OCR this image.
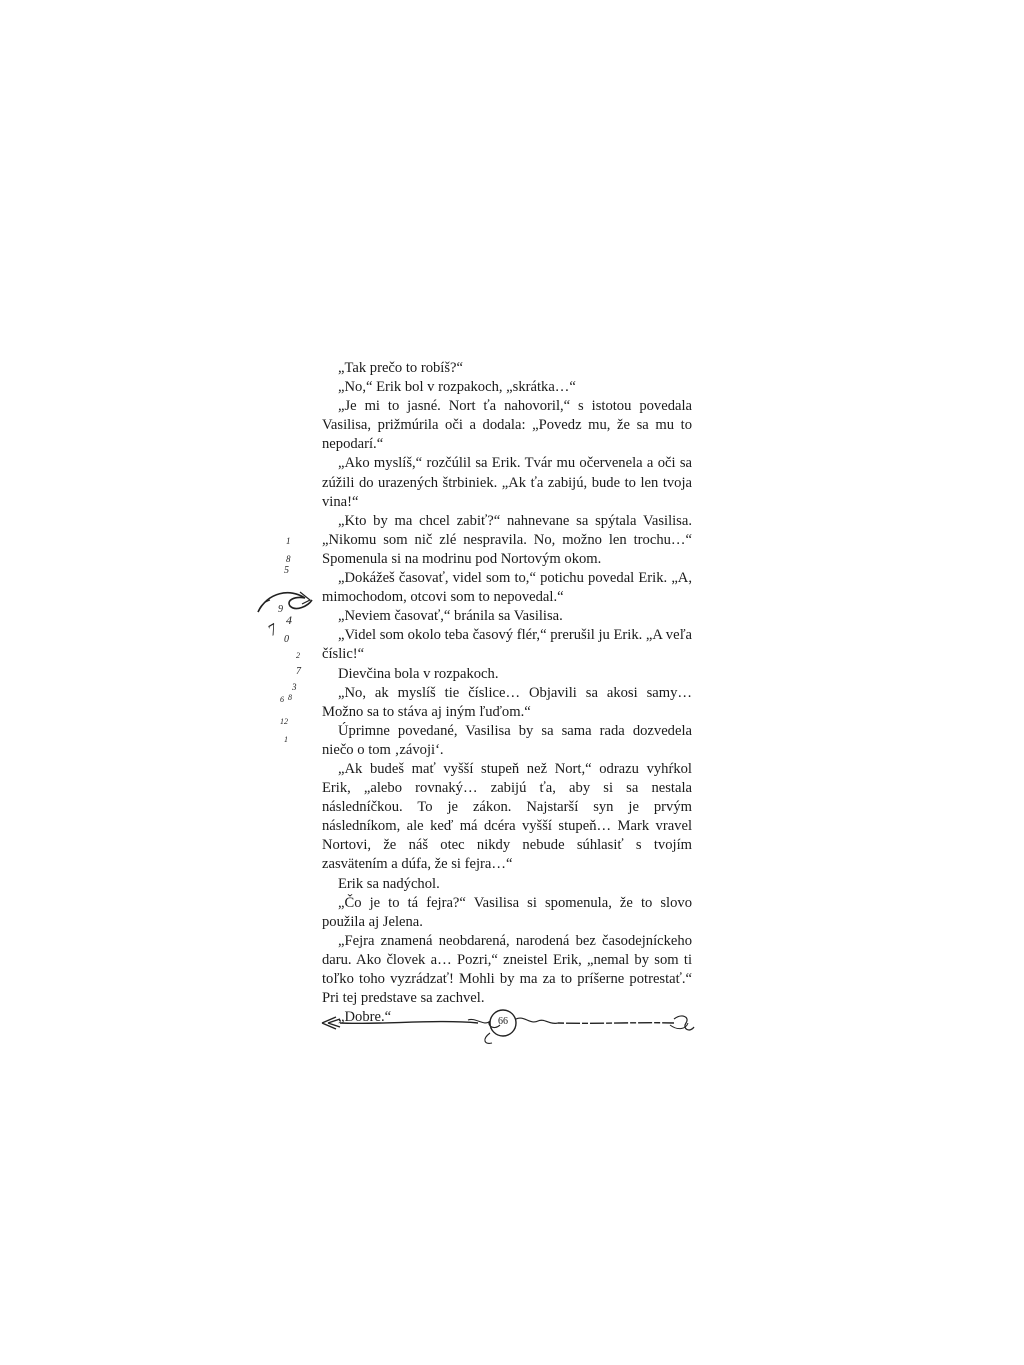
1
8
5
9
4
7 0
2
7
3
6 8
12
1

„Tak prečo to robíš?“

„No,“ Erik bol v rozpakoch, „skrátka…“

„Je mi to jasné. Nort ťa nahovoril,“ s istotou povedala Vasilisa, prižmúrila oči a dodala: „Povedz mu, že sa mu to nepodarí.“

„Ako myslíš,“ rozčúlil sa Erik. Tvár mu očervenela a oči sa zúžili do urazených štrbiniek. „Ak ťa zabijú, bude to len tvoja vina!“

„Kto by ma chcel zabiť?“ nahnevane sa spýtala Vasilisa. „Nikomu som nič zlé nespravila. No, možno len trochu…“ Spomenula si na modrinu pod Nortovým okom.

„Dokážeš časovať, videl som to,“ potichu povedal Erik. „A, mimochodom, otcovi som to nepovedal.“

„Neviem časovať,“ bránila sa Vasilisa.

„Videl som okolo teba časový flér,“ prerušil ju Erik. „A veľa číslic!“

Dievčina bola v rozpakoch.

„No, ak myslíš tie číslice… Objavili sa akosi samy… Možno sa to stáva aj iným ľuďom.“

Úprimne povedané, Vasilisa by sa sama rada dozvedela niečo o tom ‚závoji‘.

„Ak budeš mať vyšší stupeň než Nort,“ odrazu vyhŕkol Erik, „alebo rovnaký… zabijú ťa, aby si sa nestala následníčkou. To je zákon. Najstarší syn je prvým následníkom, ale keď má dcéra vyšší stupeň… Mark vravel Nortovi, že náš otec nikdy nebude súhlasiť s tvojím zasvätením a dúfa, že si fejra…“

Erik sa nadýchol.

„Čo je to tá fejra?“ Vasilisa si spomenula, že to slovo použila aj Jelena.

„Fejra znamená neobdarená, narodená bez časodejníckeho daru. Ako človek a… Pozri,“ zneistel Erik, „nemal by som ti toľko toho vyzrádzať! Mohli by ma za to príšerne potrestať.“ Pri tej predstave sa zachvel.

„Dobre.“	66
